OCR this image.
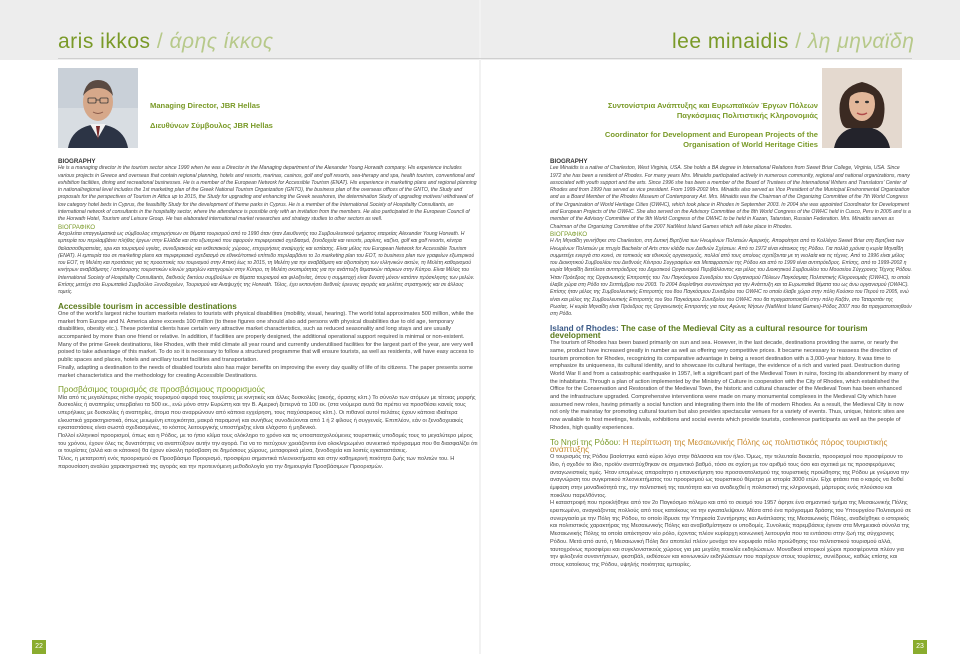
aris ikkos / άρης ίκκος	lee minaidis / λη μηναϊδη
Managing Director, JBR Hellas
Διευθύνων Σύμβουλος JBR Hellas
Συντονίστρια Ανάπτυξης και Ευρωπαϊκών Έργων Πόλεων
Παγκόσμιας Πολιτιστικής Κληρονομιάς
Coordinator for Development and European Projects of the
Organisation of World Heritage Cities

BIOGRAPHY

He is a managing director in the tourism sector since 1990 when he was a Director in the Managing department of the Alexander Young Horwath company. His experience includes various projects in Greece and overseas that contain regional planning, hotels and resorts, marinas, casinos, golf and golf resorts, sea-therapy and spa, health tourism, conventional and exhibition facilities, dining and recreational businesses. He is a member of the European Network for Accessible Tourism (ENAT). His experience in marketing plans and regional planning in national/regional level includes the 1st marketing plan of the Greek National Tourism Organization (GNTO), the business plan of the overseas offices of the GNTO, the Study and proposals for the perspectives of Tourism in Attica up to 2015, the Study for upgrading and enhancing the Greek seashores, the determination Study of upgrading motives/ withdrawal of low category hotel beds in Cyprus, the feasibility Study for the development of theme parks in Cyprus. He is a member of the International Society of Hospitality Consultants, an international network of consultants in the hospitality sector, where the attendance is possible only with an invitation from the members. He also participated in the European Council of the Horwath Hotel, Tourism and Leisure Group. He has elaborated international market researches and strategy studies to other sectors as well.

ΒΙΟΓΡΑΦΙΚΟ

Ασχολείται επαγγελματικά ως σύμβουλος επιχειρήσεων σε θέματα τουρισμού από το 1990 όταν ήταν Διευθυντής του Συμβουλευτικού τμήματος εταιρείας Alexander Young Horwath. Η εμπειρία του περιλαμβάνει πλήθος έργων στην Ελλάδα και στο εξωτερικό που αφορούν περιφερειακό σχεδιασμό, ξενοδοχεία και resorts, μαρίνες, καζίνο, golf και golf resorts, κέντρα θαλασσοθεραπείας, spa και τουρισμού υγείας, συνεδριακούς και εκθεσιακούς χώρους, επιχειρήσεις αναψυχής και εστίασης. Είναι μέλος του European Network for Accessible Tourism (ENAT). Η εμπειρία του σε marketing plans και περιφερειακό σχεδιασμό σε εθνικό/τοπικό επίπεδο περιλαμβάνει το 1ο marketing plan του ΕΟΤ, το business plan των γραφείων εξωτερικού του ΕΟΤ, τη Μελέτη και προτάσεις για τις προοπτικές του τουρισμού στην Αττική έως το 2015, τη Μελέτη για την αναβάθμιση και αξιοποίηση των ελληνικών ακτών, τη Μελέτη καθορισμού κινήτρων αναβάθμισης / απόσυρσης τουριστικών κλινών χαμηλών κατηγοριών στην Κύπρο, τη Μελέτη σκοπιμότητας για την ανάπτυξη θεματικών πάρκων στην Κύπρο. Είναι Μέλος του International Society of Hospitality Consultants, διεθνούς δικτύου συμβούλων σε θέματα τουρισμού και φιλοξενίας, όπου η συμμετοχή είναι δυνατή μόνον κατόπιν πρόσκλησης των μελών. Επίσης μετείχε στο Ευρωπαϊκό Συμβούλιο Ξενοδοχείων, Τουρισμού και Αναψυχής της Horwath. Τέλος, έχει εκπονήσει διεθνείς έρευνες αγοράς και μελέτες στρατηγικής και σε άλλους τομείς.

Accessible tourism in accessible destinations

One of the world's largest niche tourism markets relates to tourists with physical disabilities (mobility, visual, hearing). The world total approximates 500 million, while the market from Europe and N. America alone exceeds 100 million (to these figures one should also add persons with physical disabilities due to old age, temporary disabilities, obesity etc.). These potential clients have certain very attractive market characteristics, such as reduced seasonality and long stays and are usually accompanied by more than one friend or relative. In addition, if facilities are properly designed, the additional operational support required is minimal or non-existent.
Many of the prime Greek destinations, like Rhodes, with their mild climate all year round and currently underutilised facilities for the largest part of the year, are very well poised to take advantage of this market. To do so it is necessary to follow a structured programme that will ensure tourists, as well as residents, will have easy access to public spaces and places, hotels and ancillary tourist facilities and transportation.
Finally, adapting a destination to the needs of disabled tourists also has major benefits on improving the every day quality of life of its citizens. The paper presents some market characteristics and the methodology for creating Accessible Destinations.

Προσβάσιμος τουρισμός σε προσβάσιμους προορισμούς

Μία από τις μεγαλύτερες niche αγορές τουρισμού αφορά τους τουρίστες με κινητικές και άλλες δυσκολίες (ακοής, όρασης κλπ.) Το σύνολο των ατόμων με τέτοιας μορφής δυσκολίες ή αναπηρίες υπερβαίνει τα 500 εκ., ενώ μόνο στην Ευρώπη και την Β. Αμερική ξεπερνά τα 100 εκ. (στα νούμερα αυτά θα πρέπει να προσθέσει κανείς τους υπερήλικες με δυσκολίες ή αναπηρίες, άτομα που αναρρώνουν από κάποια εγχείρηση, τους παχύσαρκους κλπ.). Οι πιθανοί αυτοί πελάτες έχουν κάποια ιδιαίτερα ελκυστικά χαρακτηριστικά, όπως μειωμένη εποχικότητα, μακρά παραμονή και συνήθως συνοδεύονται από 1 ή 2 φίλους ή συγγενείς. Επιπλέον, εάν οι ξενοδοχειακές εγκαταστάσεις είναι σωστά σχεδιασμένες, το κόστος λειτουργικής υποστήριξης είναι ελάχιστο ή μηδενικό.
Πολλοί ελληνικοί προορισμοί, όπως και η Ρόδος, με το ήπιο κλίμα τους ολόκληρο το χρόνο και τις υποαπασχολούμενες τουριστικές υποδομές τους το μεγαλύτερο μέρος του χρόνου, έχουν όλες τις δυνατότητες να αναπτύξουν αυτήν την αγορά. Για να το πετύχουν χρειάζονται ένα ολοκληρωμένο συνεκτικό πρόγραμμα που θα διασφαλίζει ότι οι τουρίστες (αλλά και οι κάτοικοι) θα έχουν εύκολη πρόσβαση σε δημόσιους χώρους, μεταφορικά μέσα, ξενοδοχεία και λοιπές εγκαταστάσεις.
Τέλος, η μετατροπή ενός προορισμού σε Προσβάσιμο Προορισμό, προσφέρει σημαντικά πλεονεκτήματα και στην καθημερινή ποιότητα ζωής των πολιτών του. Η παρουσίαση αναλύει χαρακτηριστικά της αγοράς και την προτεινόμενη μεθοδολογία για την δημιουργία Προσβάσιμων Προορισμών.

BIOGRAPHY

Lee Minaidis is a native of Charleston, West Virginia, USA. She holds a BA degree in International Relations from Sweet Briar College, Virginia, USA. Since 1972 she has been a resident of Rhodes. For many years Mrs. Minaidis participated actively in numerous community, regional and national organizations, many associated with youth support and the arts. Since 1996 she has been a member of the Board of Trustees of the International Writers and Translators' Center of Rhodes and from 1999 has served as vice president. From 1999-2002 Mrs. Minaidis also served as Vice President of the Municipal Environmental Organization and as a Board Member of the Rhodes Museum of Contemporary Art. Mrs. Minaidis was the Chairman of the Organizing Committee of the 7th World Congress of the Organization of World Heritage Cities (OWHC), which took place in Rhodes in September 2003. In 2004 she was appointed Coordinator for Development and European Projects of the OWHC. She also served on the Advisory Committee of the 8th World Congress of the OWHC held in Cusco, Peru in 2005 and is a member of the Advisory Committee of the 9th World Congress of the OWHC to be held in Kazan, Tatarstan, Russian Federation. Mrs. Minaidis serves as Chairman of the Organizing Committee of the 2007 NatWest Island Games which will take place in Rhodes.

ΒΙΟΓΡΑΦΙΚΟ

Η Λη Μηναΐδη γεννήθηκε στο Charleston, στη Δυτική Βιρτζίνια των Ηνωμένων Πολιτειών Αμερικής. Αποφοίτησε από το Κολλέγιο Sweet Briar στη Βιρτζίνια των Ηνωμένων Πολιτειών με πτυχίο Bachelor of Arts στον κλάδο των Διεθνών Σχέσεων. Από το 1972 είναι κάτοικος της Ρόδου. Για πολλά χρόνια η κυρία Μηναΐδη συμμετείχε ενεργά στο κοινό, σε τοπικούς και εθνικούς οργανισμούς, πολλοί από τους οποίους σχετίζονται με τη νεολαία και τις τέχνες. Από το 1996 είναι μέλος του Διοικητικού Συμβουλίου του Διεθνούς Κέντρου Συγγραφέων και Μεταφραστών της Ρόδου και από το 1999 είναι αντιπρόεδρος. Επίσης, από το 1999-2002 η κυρία Μηναΐδη διετέλεσε αντιπρόεδρος του Δημοτικού Οργανισμού Περιβάλλοντος και μέλος του Διοικητικού Συμβουλίου του Μουσείου Σύγχρονης Τέχνης Ρόδου. Ήταν Πρόεδρος της Οργανωτικής Επιτροπής του 7ου Παγκόσμιου Συνεδρίου του Οργανισμού Πόλεων Παγκόσμιας Πολιτιστικής Κληρονομιάς (OWHC), το οποίο έλαβε χώρα στη Ρόδο τον Σεπτέμβριο του 2003. Το 2004 διορίσθηκε συντονίστρια για την Ανάπτυξη και τα Ευρωπαϊκά θέματα του ως άνω οργανισμού (OWHC). Επίσης ήταν μέλος της Συμβουλευτικής Επιτροπής του 8ου Παγκόσμιου Συνεδρίου του OWHC το οποίο έλαβε χώρα στην πόλη Κούσκο του Περού το 2005, ενώ είναι και μέλος της Συμβουλευτικής Επιτροπής του 9ου Παγκόσμιου Συνεδρίου του OWHC που θα πραγματοποιηθεί στην πόλη Καζάν, στο Ταταρστάν της Ρωσίας. Η κυρία Μηναΐδη είναι Πρόεδρος της Οργανωτικής Επιτροπής για τους Αγώνες Νήσων (NatWest Island Games)-Ρόδος 2007 που θα πραγματοποιηθούν στη Ρόδο.

Island of Rhodes: The case of the Medieval City as a cultural resource for tourism development

The tourism of Rhodes has been based primarily on sun and sea. However, in the last decade, destinations providing the same, or nearly the same, product have increased greatly in number as well as offering very competitive prices. It became necessary to reassess the direction of tourism promotion for Rhodes, recognizing its comparative advantage in being a resort destination with a 3,000-year history. It was time to emphasize its uniqueness, its cultural identity, and to showcase its cultural heritage, the evidence of a rich and varied past. Destruction during World War II and from a catastrophic earthquake in 1957, left a significant part of the Medieval Town in ruins, forcing its abandonment by many of the inhabitants. Through a plan of action implemented by the Ministry of Culture in cooperation with the City of Rhodes, which established the Office for the Conservation and Restoration of the Medieval Town, the historic and cultural character of the Medieval Town has been enhanced and the infrastructure upgraded. Comprehensive interventions were made on many monumental complexes in the Medieval City which have assumed new roles, having primarily a social function and integrating them into the life of modern Rhodes. As a result, the Medieval City is now not only the mainstay for promoting cultural tourism but also provides spectacular venues for a variety of events. Thus, unique, historic sites are now available to host meetings, festivals, exhibitions and social events which provide tourists, conference participants as well as the people of Rhodes, high quality experiences.

Το Νησί της Ρόδου: Η περίπτωση της Μεσαιωνικής Πόλης ως πολιτιστικός πόρος τουριστικής ανάπτυξης

Ο τουρισμός της Ρόδου βασίστηκε κατά κύριο λόγο στην θάλασσα και τον ήλιο. Όμως, την τελευταία δεκαετία, προορισμοί που προσφέρουν το ίδιο, ή σχεδόν το ίδιο, προϊόν αναπτύχθηκαν σε σημαντικό βαθμό, τόσο σε σχέση με τον αριθμό τους όσο και σχετικά με τις προσφερόμενες ανταγωνιστικές τιμές. Ήταν επομένως απαραίτητο η επανεκτίμηση του προσανατολισμού της τουριστικής προώθησης της Ρόδου με γνώμονα την αναγνώριση του συγκριτικού πλεονεκτήματος του προορισμού ως τουριστικού θέρετρο με ιστορία 3000 ετών. Είχε φτάσει πια ο καιρός να δοθεί έμφαση στην μοναδικότητά της, την πολιτιστική της ταυτότητα και να αναδειχθεί η πολιτιστική της κληρονομιά, μάρτυρας ενός πλούσιου και ποικίλου παρελθόντος.
Η καταστροφή που προκλήθηκε από τον 2ο Παγκόσμιο πόλεμο και από το σεισμό του 1957 άφησε ένα σημαντικό τμήμα της Μεσαιωνικής Πόλης ερειπωμένο, αναγκάζοντας πολλούς από τους κατοίκους να την εγκαταλείψουν. Μέσα από ένα πρόγραμμα δράσης του Υπουργείου Πολιτισμού σε συνεργασία με την Πόλη της Ρόδου, το οποίο ίδρυσε την Υπηρεσία Συντήρησης και Ανάπλασης της Μεσαιωνικής Πόλης, αναδείχθηκε ο ιστορικός και πολιτιστικός χαρακτήρας της Μεσαιωνικής Πόλης και αναβαθμίστηκαν οι υποδομές. Συνολικές παρεμβάσεις έγιναν στα Μνημειακά σύνολα της Μεσαιωνικής Πόλης τα οποία απέκτησαν νέο ρόλο, έχοντας πλέον κυρίαρχη κοινωνική λειτουργία που τα εντάσσει στην ζωή της σύγχρονης Ρόδου. Μετά από αυτό, η Μεσαιωνική Πόλη δεν αποτελεί πλέον μονάχα τον κορυφαίο πόλο προώθησης του πολιτιστικού τουρισμού αλλά, ταυτοχρόνως προσφέρει και συγκλονιστικούς χώρους για μια μεγάλη ποικιλία εκδηλώσεων. Μοναδικοί ιστορικοί χώροι προσφέρονται πλέον για την φιλοξενία συναντήσεων, φεστιβάλ, εκθέσεων και κοινωνικών εκδηλώσεων που παρέχουν στους τουρίστες, συνέδρους, καθώς επίσης και στους κατοίκους της Ρόδου, υψηλής ποιότητας εμπειρίες.

22	23
